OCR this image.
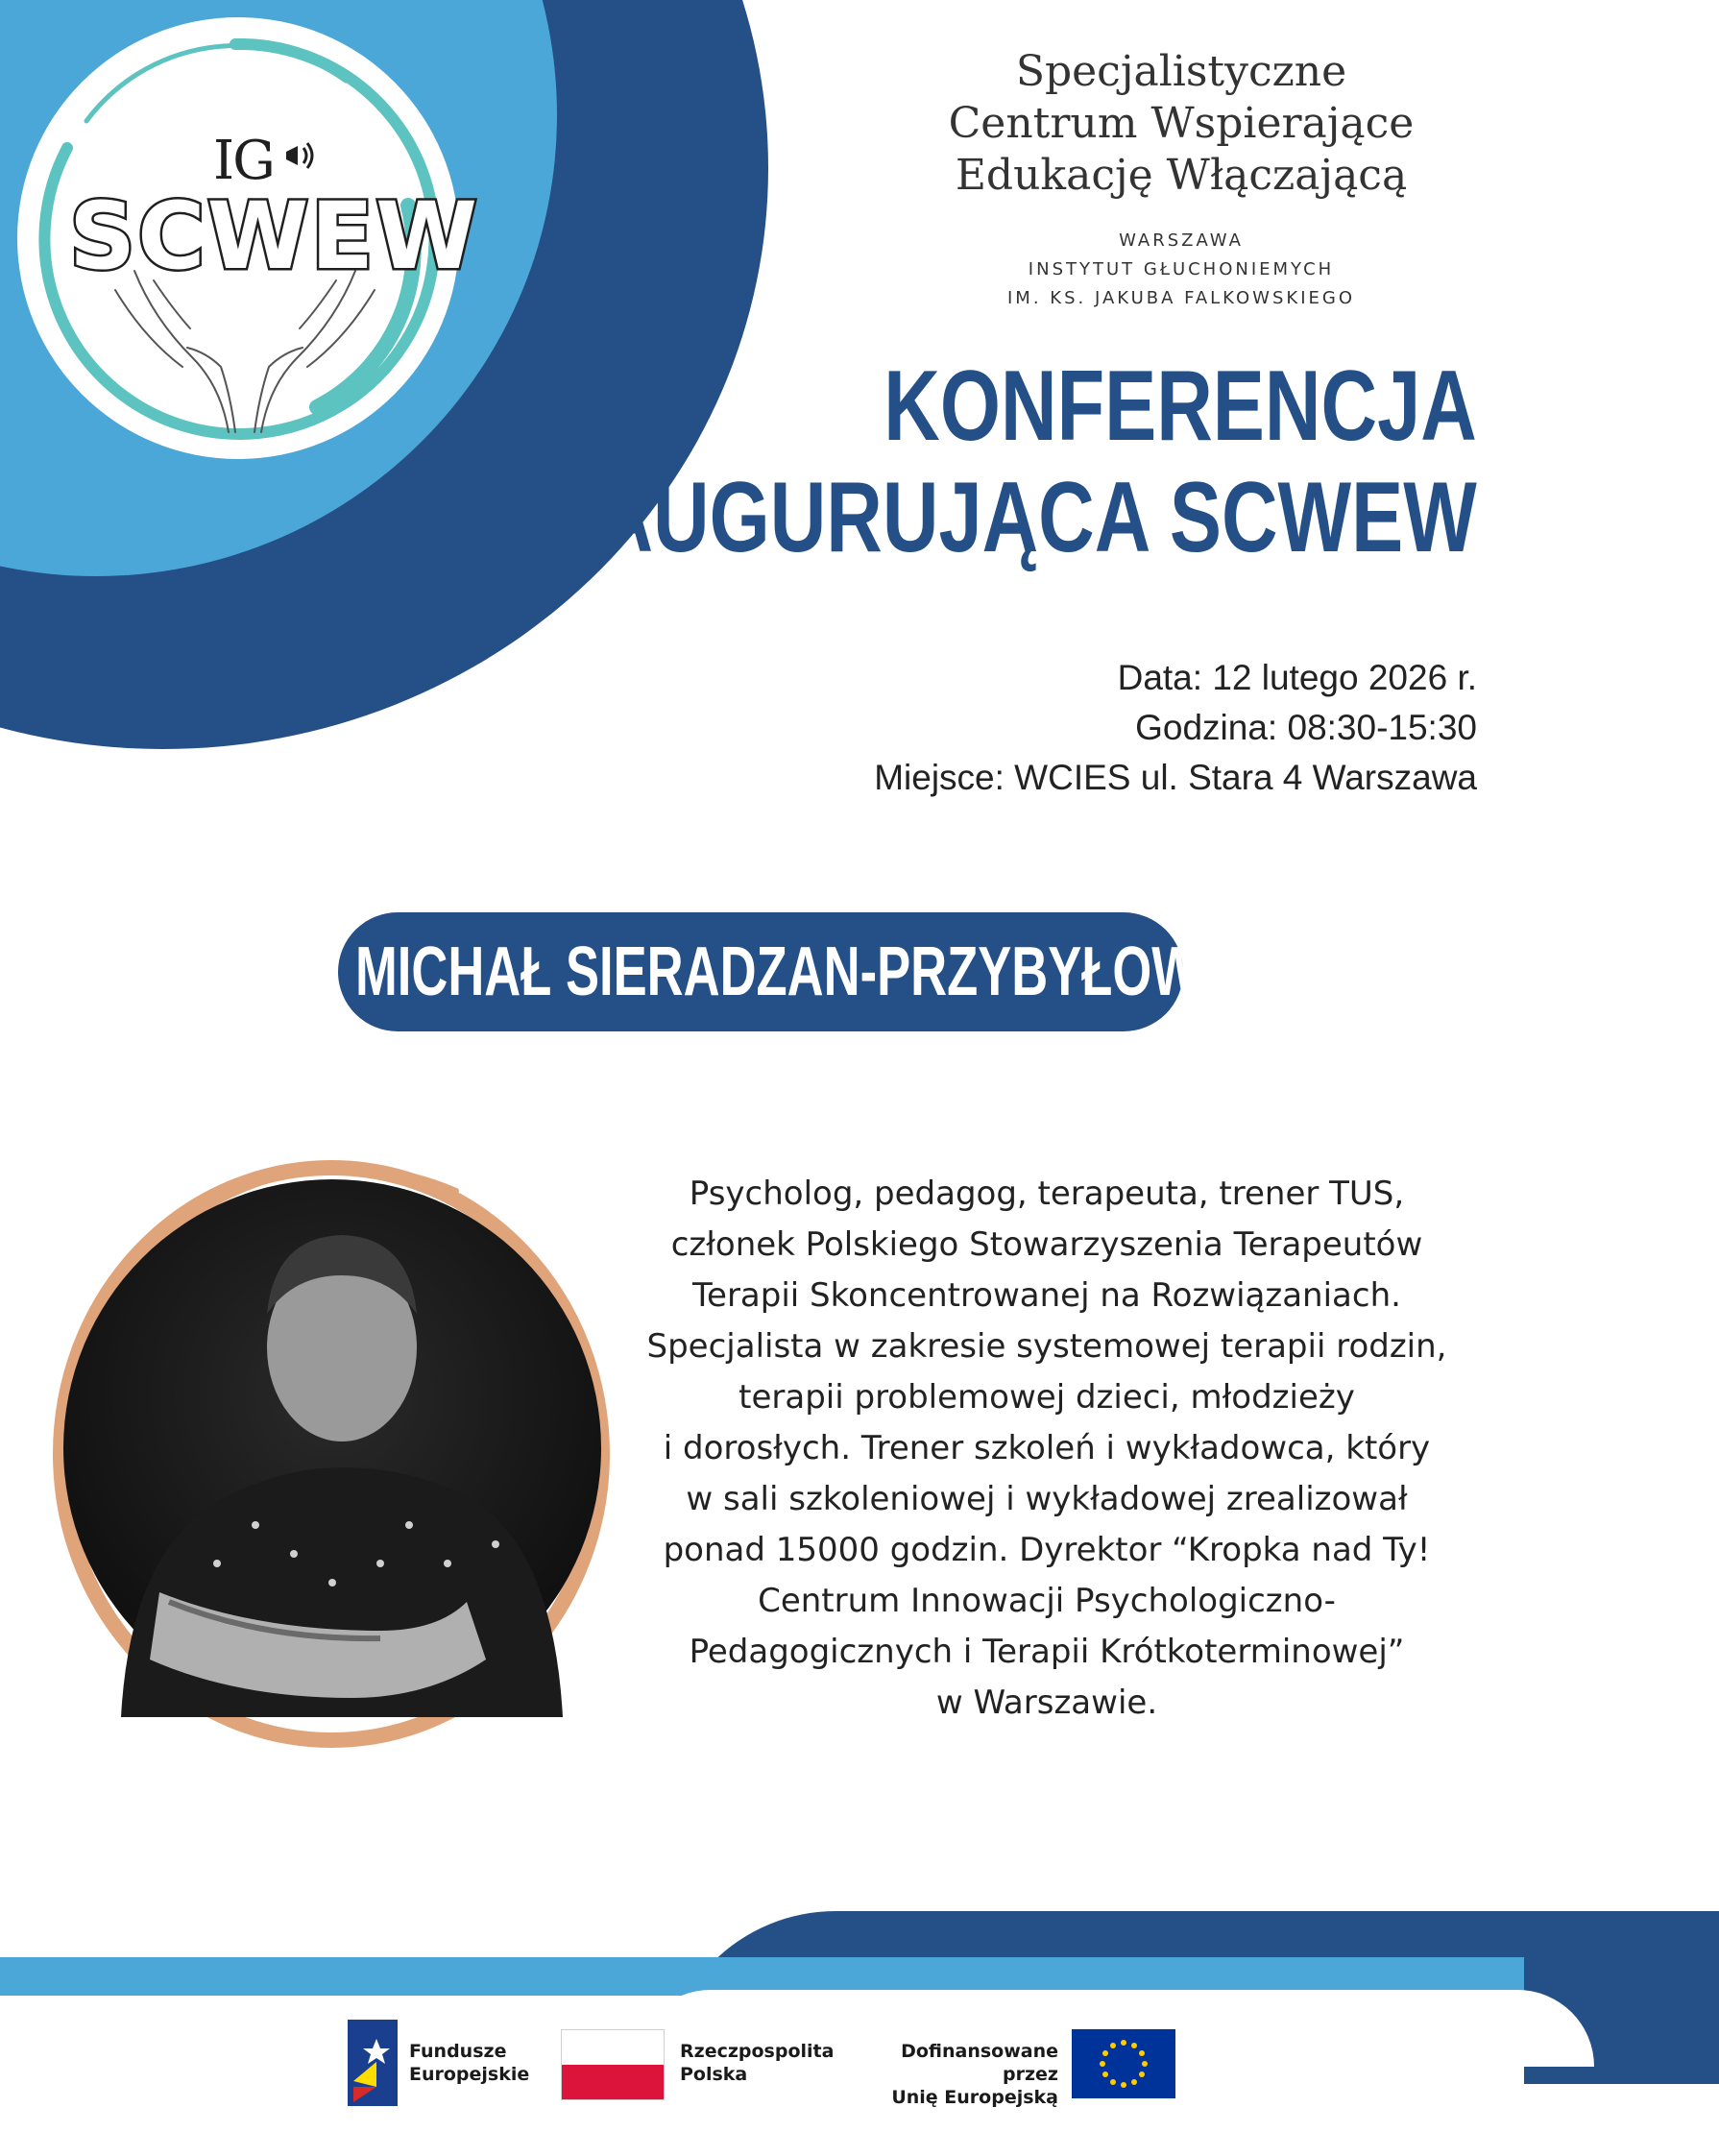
IG
SCWEW
Specjalistyczne
Centrum Wspierające
Edukację Włączającą
WARSZAWA
INSTYTUT GŁUCHONIEMYCH
IM. KS. JAKUBA FALKOWSKIEGO
KONFERENCJA
INAUGURUJĄCA SCWEW
Data: 12 lutego 2026 r.
Godzina: 08:30-15:30
Miejsce: WCIES ul. Stara 4 Warszawa
MICHAŁ SIERADZAN-PRZYBYŁOWICZ
Psycholog, pedagog, terapeuta, trener TUS,
członek Polskiego Stowarzyszenia Terapeutów
Terapii Skoncentrowanej na Rozwiązaniach.
Specjalista w zakresie systemowej terapii rodzin,
terapii problemowej dzieci, młodzieży
i dorosłych. Trener szkoleń i wykładowca, który
w sali szkoleniowej i wykładowej zrealizował
ponad 15000 godzin. Dyrektor “Kropka nad Ty!
Centrum Innowacji Psychologiczno-
Pedagogicznych i Terapii Krótkoterminowej”
w Warszawie.
Fundusze
Europejskie
Rzeczpospolita
Polska
Dofinansowane przez
Unię Europejską
